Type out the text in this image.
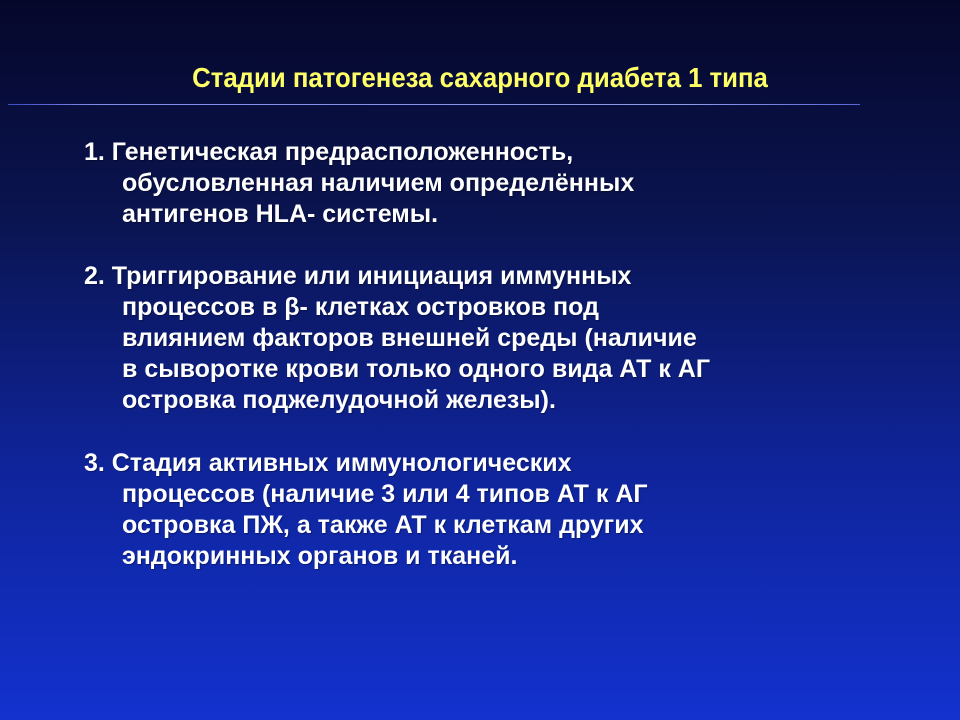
Стадии патогенеза сахарного диабета 1 типа
1. Генетическая предрасположенность,
обусловленная наличием определённых
антигенов HLA- системы.
2. Триггирование или инициация иммунных
процессов в β- клетках островков под
влиянием факторов внешней среды (наличие
в сыворотке крови только одного вида АТ к АГ
островка поджелудочной железы).
3. Стадия активных иммунологических
процессов (наличие 3 или 4 типов АТ к АГ
островка ПЖ, а также АТ к клеткам других
эндокринных органов и тканей.
